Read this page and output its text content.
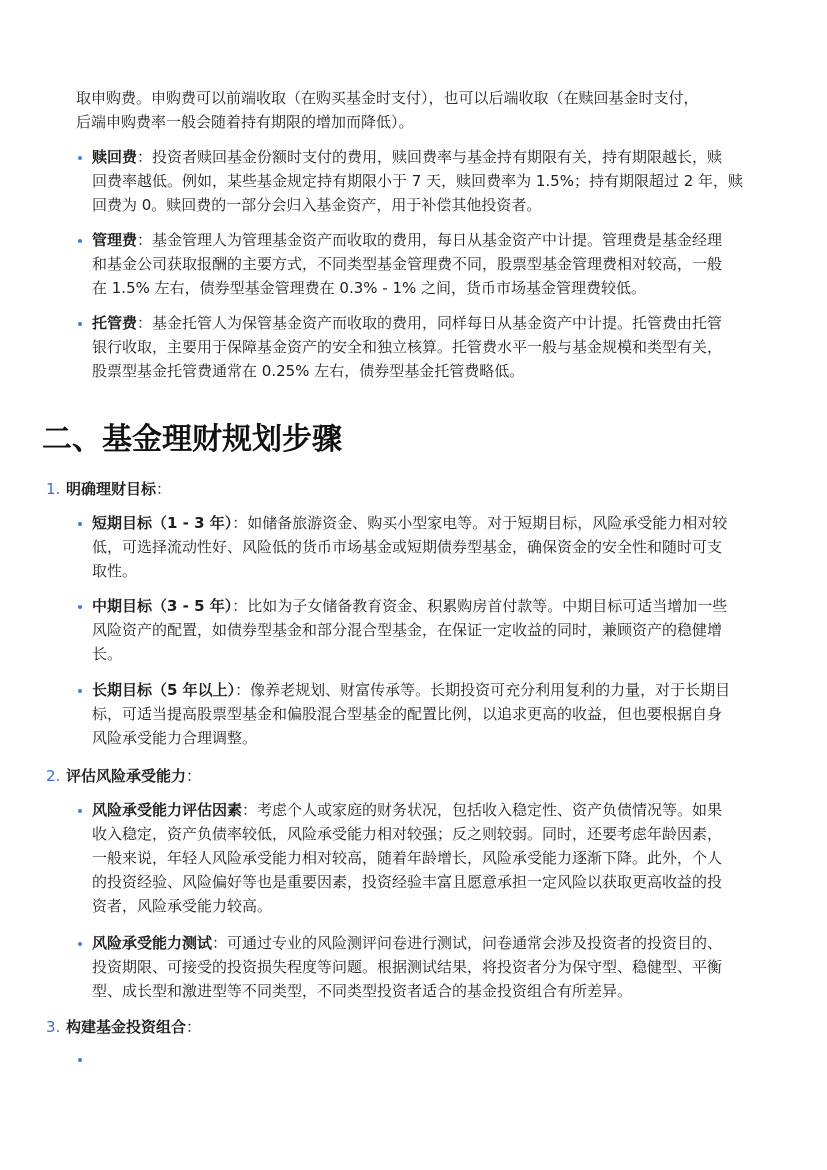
取申购费。申购费可以前端收取（在购买基金时支付），也可以后端收取（在赎回基金时支付，
后端申购费率一般会随着持有期限的增加而降低）。
赎回费：投资者赎回基金份额时支付的费用，赎回费率与基金持有期限有关，持有期限越长，赎
回费率越低。例如，某些基金规定持有期限小于 7 天，赎回费率为 1.5%；持有期限超过 2 年，赎
回费为 0。赎回费的一部分会归入基金资产，用于补偿其他投资者。
管理费：基金管理人为管理基金资产而收取的费用，每日从基金资产中计提。管理费是基金经理
和基金公司获取报酬的主要方式，不同类型基金管理费不同，股票型基金管理费相对较高，一般
在 1.5% 左右，债券型基金管理费在 0.3% - 1% 之间，货币市场基金管理费较低。
托管费：基金托管人为保管基金资产而收取的费用，同样每日从基金资产中计提。托管费由托管
银行收取，主要用于保障基金资产的安全和独立核算。托管费水平一般与基金规模和类型有关，
股票型基金托管费通常在 0.25% 左右，债券型基金托管费略低。
二、基金理财规划步骤
1. 明确理财目标：
短期目标（1 - 3 年）：如储备旅游资金、购买小型家电等。对于短期目标，风险承受能力相对较
低，可选择流动性好、风险低的货币市场基金或短期债券型基金，确保资金的安全性和随时可支
取性。
中期目标（3 - 5 年）：比如为子女储备教育资金、积累购房首付款等。中期目标可适当增加一些
风险资产的配置，如债券型基金和部分混合型基金，在保证一定收益的同时，兼顾资产的稳健增
长。
长期目标（5 年以上）：像养老规划、财富传承等。长期投资可充分利用复利的力量，对于长期目
标，可适当提高股票型基金和偏股混合型基金的配置比例，以追求更高的收益，但也要根据自身
风险承受能力合理调整。
2. 评估风险承受能力：
风险承受能力评估因素：考虑个人或家庭的财务状况，包括收入稳定性、资产负债情况等。如果
收入稳定，资产负债率较低，风险承受能力相对较强；反之则较弱。同时，还要考虑年龄因素，
一般来说，年轻人风险承受能力相对较高，随着年龄增长，风险承受能力逐渐下降。此外，个人
的投资经验、风险偏好等也是重要因素，投资经验丰富且愿意承担一定风险以获取更高收益的投
资者，风险承受能力较高。
风险承受能力测试：可通过专业的风险测评问卷进行测试，问卷通常会涉及投资者的投资目的、
投资期限、可接受的投资损失程度等问题。根据测试结果，将投资者分为保守型、稳健型、平衡
型、成长型和激进型等不同类型，不同类型投资者适合的基金投资组合有所差异。
3. 构建基金投资组合：
